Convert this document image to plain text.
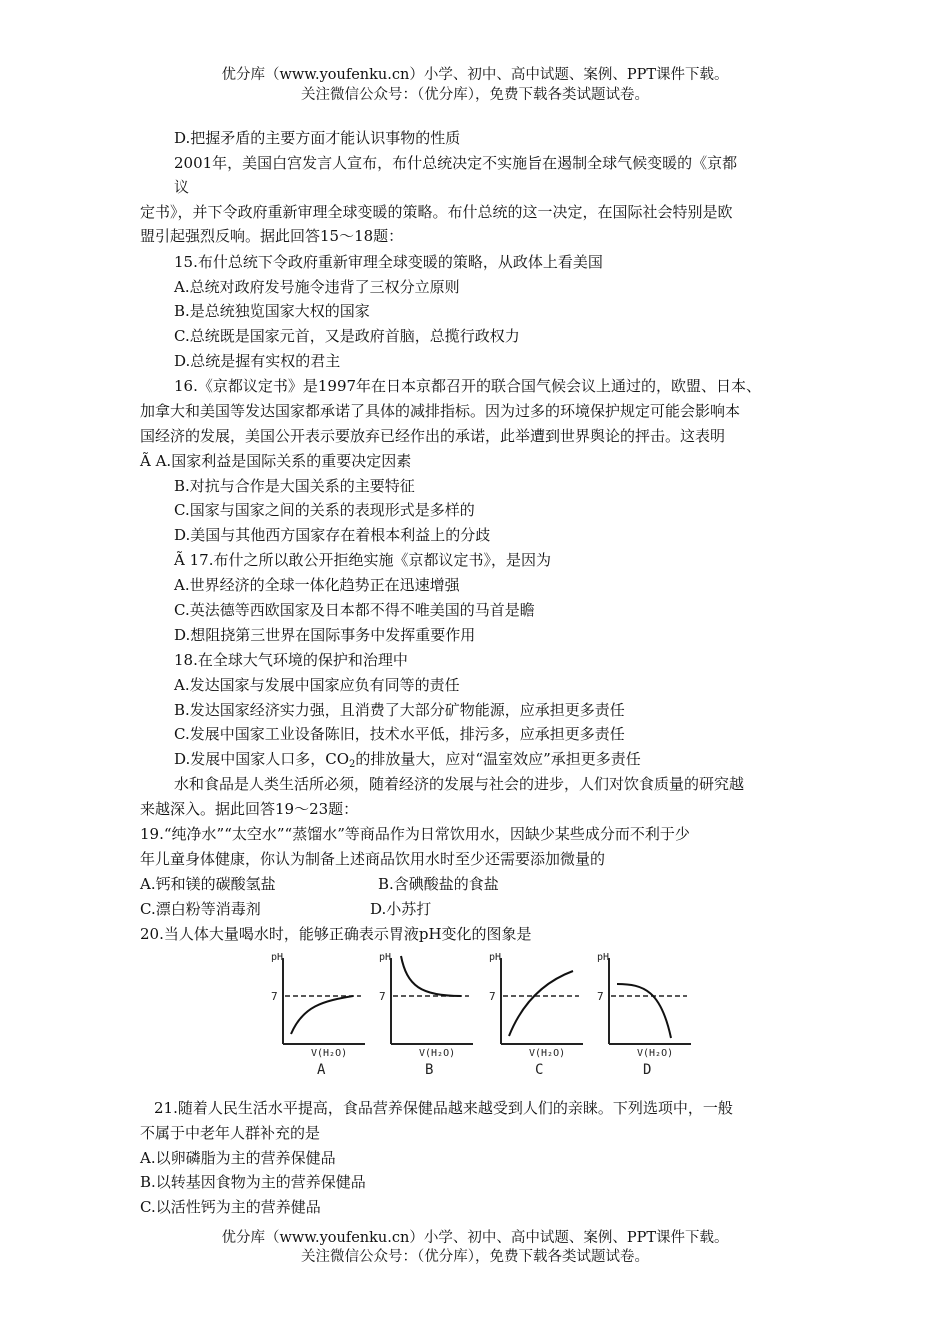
优分库（www.youfenku.cn）小学、初中、高中试题、案例、PPT课件下载。
关注微信公众号：（优分库），免费下载各类试题试卷。
D.把握矛盾的主要方面才能认识事物的性质
2001年，美国白宫发言人宣布，布什总统决定不实施旨在遏制全球气候变暖的《京都
议
定书》，并下令政府重新审理全球变暖的策略。布什总统的这一决定，在国际社会特别是欧
盟引起强烈反响。据此回答15～18题：
15.布什总统下令政府重新审理全球变暖的策略，从政体上看美国
A.总统对政府发号施令违背了三权分立原则
B.是总统独览国家大权的国家
C.总统既是国家元首，又是政府首脑，总揽行政权力
D.总统是握有实权的君主
16.《京都议定书》是1997年在日本京都召开的联合国气候会议上通过的，欧盟、日本、
加拿大和美国等发达国家都承诺了具体的减排指标。因为过多的环境保护规定可能会影响本
国经济的发展，美国公开表示要放弃已经作出的承诺，此举遭到世界舆论的抨击。这表明
Ã A.国家利益是国际关系的重要决定因素
B.对抗与合作是大国关系的主要特征
C.国家与国家之间的关系的表现形式是多样的
D.美国与其他西方国家存在着根本利益上的分歧
Ã 17.布什之所以敢公开拒绝实施《京都议定书》，是因为
A.世界经济的全球一体化趋势正在迅速增强
C.英法德等西欧国家及日本都不得不唯美国的马首是瞻
D.想阻挠第三世界在国际事务中发挥重要作用
18.在全球大气环境的保护和治理中
A.发达国家与发展中国家应负有同等的责任
B.发达国家经济实力强，且消费了大部分矿物能源，应承担更多责任
C.发展中国家工业设备陈旧，技术水平低，排污多，应承担更多责任
D.发展中国家人口多，$CO_2$的排放量大，应对“温室效应”承担更多责任
水和食品是人类生活所必须，随着经济的发展与社会的进步，人们对饮食质量的研究越
来越深入。据此回答19～23题：
19.“纯净水”“太空水”“蒸馏水”等商品作为日常饮用水，因缺少某些成分而不利于少
年儿童身体健康，你认为制备上述商品饮用水时至少还需要添加微量的
A.钙和镁的碳酸氢盐	B.含碘酸盐的食盐
C.漂白粉等消毒剂	D.小苏打
20.当人体大量喝水时，能够正确表示胃液pH变化的图象是
pH
7
V(H₂O)
A
pH
7
V(H₂O)
B
pH
7
V(H₂O)
C
pH
7
V(H₂O)
D
21.随着人民生活水平提高，食品营养保健品越来越受到人们的亲睐。下列选项中，一般
不属于中老年人群补充的是
A.以卵磷脂为主的营养保健品
B.以转基因食物为主的营养保健品
C.以活性钙为主的营养健品
优分库（www.youfenku.cn）小学、初中、高中试题、案例、PPT课件下载。
关注微信公众号：（优分库），免费下载各类试题试卷。
